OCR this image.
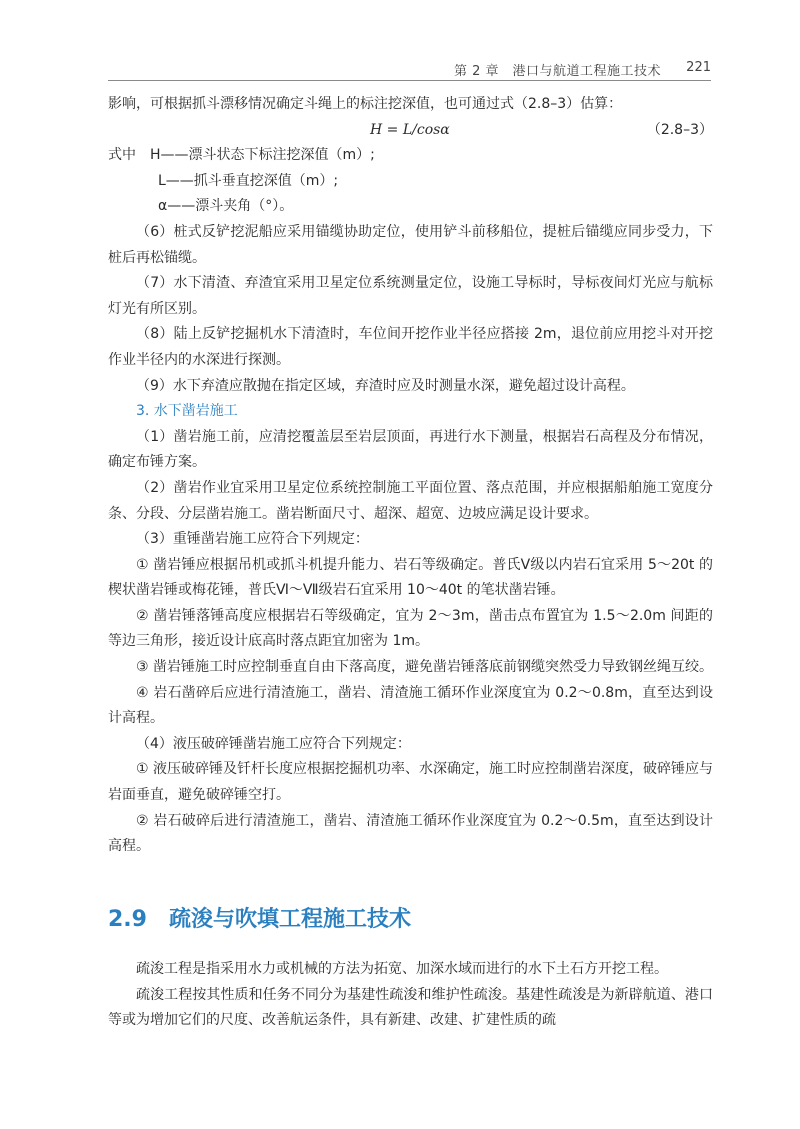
第 2 章　港口与航道工程施工技术 221

影响，可根据抓斗漂移情况确定斗绳上的标注挖深值，也可通过式（2.8–3）估算：

H = L/cosα	（2.8–3）

式中　 H——漂斗状态下标注挖深值（m）;

L——抓斗垂直挖深值（m）;

α——漂斗夹角（°）。

（6）桩式反铲挖泥船应采用锚缆协助定位，使用铲斗前移船位，提桩后锚缆应同步受力，下桩后再松锚缆。

（7）水下清渣、弃渣宜采用卫星定位系统测量定位，设施工导标时，导标夜间灯光应与航标灯光有所区别。

（8）陆上反铲挖掘机水下清渣时，车位间开挖作业半径应搭接 2m，退位前应用挖斗对开挖作业半径内的水深进行探测。

（9）水下弃渣应散抛在指定区域，弃渣时应及时测量水深，避免超过设计高程。

3. 水下凿岩施工

（1）凿岩施工前，应清挖覆盖层至岩层顶面，再进行水下测量，根据岩石高程及分布情况，确定布锤方案。

（2）凿岩作业宜采用卫星定位系统控制施工平面位置、落点范围，并应根据船舶施工宽度分条、分段、分层凿岩施工。凿岩断面尺寸、超深、超宽、边坡应满足设计要求。

（3）重锤凿岩施工应符合下列规定：

① 凿岩锤应根据吊机或抓斗机提升能力、岩石等级确定。普氏Ⅴ级以内岩石宜采用 5～20t 的楔状凿岩锤或梅花锤，普氏Ⅵ～Ⅶ级岩石宜采用 10～40t 的笔状凿岩锤。

② 凿岩锤落锤高度应根据岩石等级确定，宜为 2～3m，凿击点布置宜为 1.5～2.0m 间距的等边三角形，接近设计底高时落点距宜加密为 1m。

③ 凿岩锤施工时应控制垂直自由下落高度，避免凿岩锤落底前钢缆突然受力导致钢丝绳互绞。

④ 岩石凿碎后应进行清渣施工，凿岩、清渣施工循环作业深度宜为 0.2～0.8m，直至达到设计高程。

（4）液压破碎锤凿岩施工应符合下列规定：

① 液压破碎锤及钎杆长度应根据挖掘机功率、水深确定，施工时应控制凿岩深度，破碎锤应与岩面垂直，避免破碎锤空打。

② 岩石破碎后进行清渣施工，凿岩、清渣施工循环作业深度宜为 0.2～0.5m，直至达到设计高程。

2.9 疏浚与吹填工程施工技术

疏浚工程是指采用水力或机械的方法为拓宽、加深水域而进行的水下土石方开挖工程。

疏浚工程按其性质和任务不同分为基建性疏浚和维护性疏浚。基建性疏浚是为新辟航道、港口等或为增加它们的尺度、改善航运条件，具有新建、改建、扩建性质的疏
